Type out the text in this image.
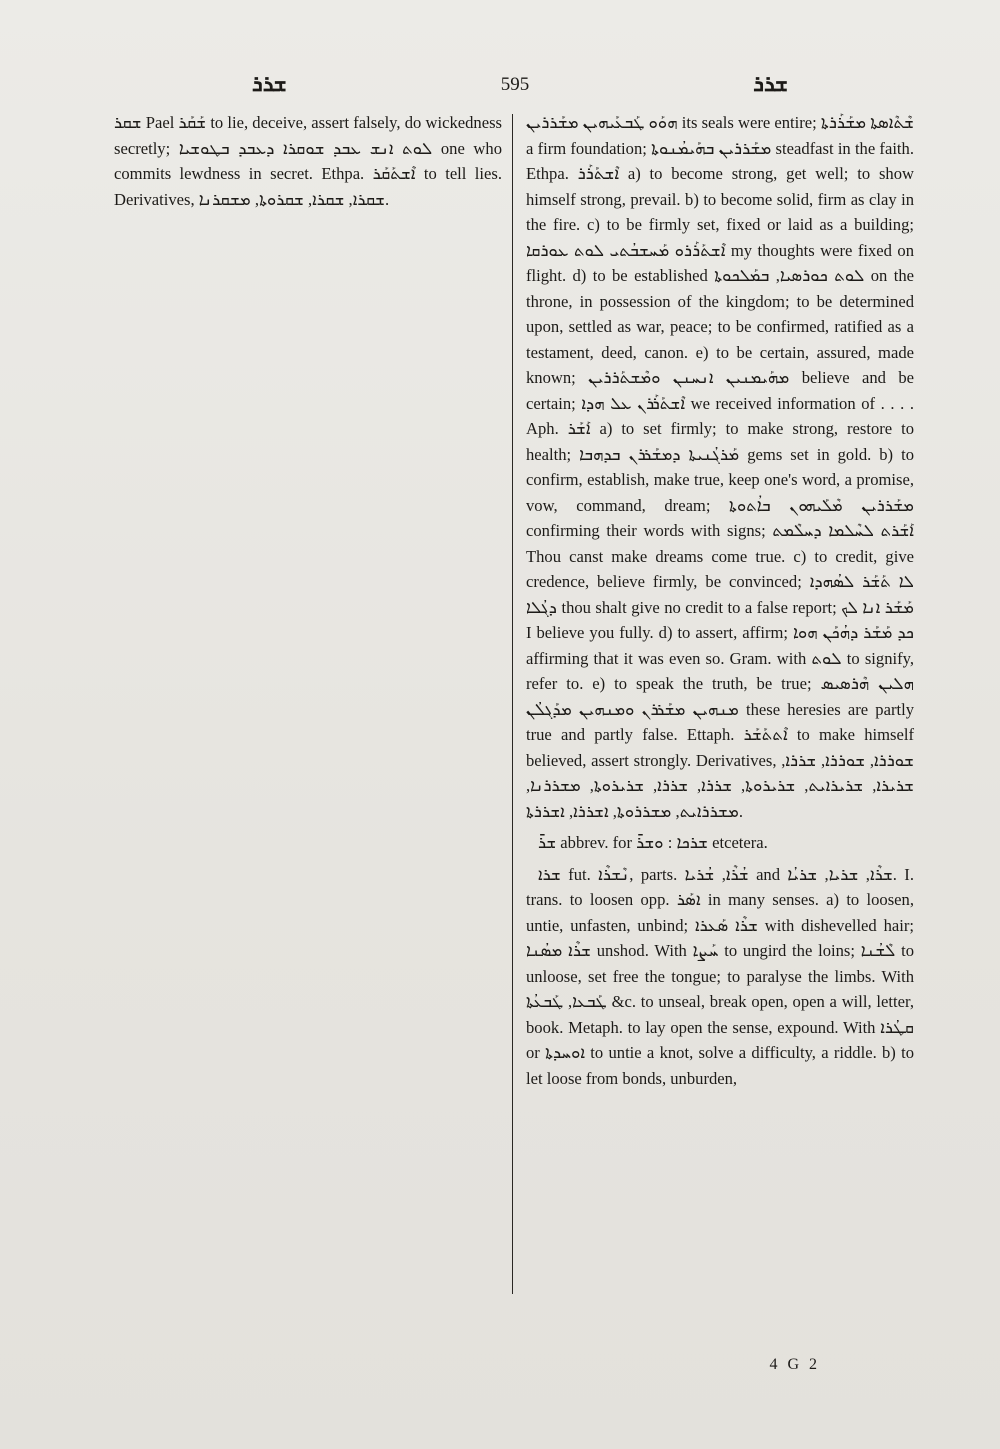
ܫܪܪ	595	ܫܪܪ

ܫܩܪ Pael ܫܰܩܰܪ to lie, deceive, assert falsely, do wickedness secretly; ܠܘܬ ܐܢܫ ܥܒܕ ܫܘܩܪܐ ܕܥܒܕ ܒܛܘܫܝܐ one who commits lewdness in secret. Ethpa. ܐܶܫܬܰܩܰܪ to tell lies. Derivatives, ܫܩܪܐ, ܫܩܪܐ, ܫܩܪܘܬܐ, ܡܫܩܪܢܐ.

ܗܘܰܘ ܛܰܒܥܰܝܗܝܢ ܡܫܰܪܪܝܢ its seals were entire; ܫܶܬܶܐܣܬܐ ܡܫܰܪܰܪܬܐ a firm foundation; ܡܫܰܪܪܝܢ ܒܗܰܝܡܳܢܘܬܐ steadfast in the faith. Ethpa. ܐܶܫܬܰܪܰܪ a) to become strong, get well; to show himself strong, prevail. b) to become solid, firm as clay in the fire. c) to be firmly set, fixed or laid as a building; ܐܶܫܬܰܪܰܪܘ ܡܰܚܫܒܳܬܝ ܠܘܬ ܥܘܪܩܐ my thoughts were fixed on flight. d) to be established ܠܘܬ ܟܘܪܣܝܐ, ܒܡܰܠܟܘܬܐ on the throne, in possession of the kingdom; to be determined upon, settled as war, peace; to be confirmed, ratified as a testament, deed, canon. e) to be certain, assured, made known; ܡܗܰܝܡܢܝܢ ܐܢܚܢܢ ܘܡܶܫܬܰܪܪܝܢ believe and be certain; ܐܶܫܬܰܪܰܪܢ ܥܠ ܗܕܐ we received information of . . . . Aph. ܐܰܫܰܪ a) to set firmly; to make strong, restore to health; ܡܰܪܓܳܢܝܬܐ ܕܡܫܰܪܪܢ ܒܕܗܒܐ gems set in gold. b) to confirm, establish, make true, keep one's word, a promise, vow, command, dream; ܡܫܰܪܪܝܢ ܡܶܠܰܝܗܘܢ ܒܐܳܬܘܬܐ confirming their words with signs; ܐܰܫܰܪܬ ܠܚܶܠܡܐ ܕܚܠܶܡܬ Thou canst make dreams come true. c) to credit, give credence, believe firmly, be convinced; ܠܐ ܬܰܫܰܪ ܠܣܳܗܕܐ ܕܓܳܠܐ thou shalt give no credit to a false report; ܡܰܫܰܪ ܐܢܐ ܠܟ I believe you fully. d) to assert, affirm; ܟܕ ܡܰܫܰܪ ܕܗܳܟܰܢ ܗܘܐ affirming that it was even so. Gram. with ܠܘܬ to signify, refer to. e) to speak the truth, be true; ܗܠܝܢ ܗܶܪܣܝܣ ܡܢܗܝܢ ܡܫܰܪܪܢ ܘܡܢܗܝܢ ܡܕܰܓܠܳܢ these heresies are partly true and partly false. Ettaph. ܐܶܬܬܰܫܰܪ to make himself believed, assert strongly. Derivatives, ܫܘܪܪܐ, ܫܘܪܪܐ, ܫܪܪܐ, ܫܪܝܪܐ, ܫܪܝܪܐܝܬ, ܫܪܝܪܘܬܐ, ܫܪܪܐ, ܫܪܪܐ, ܫܪܝܪܘܬܐ, ܡܫܪܪܢܐ, ܡܫܪܪܐܝܬ, ܡܫܪܪܘܬܐ, ܐܫܪܪܐ, ܐܫܪܪܬܐ.

ܫܪ̄ abbrev. for ܫܪܟܐ : ܘܫܪ̄ etcetera.

ܫܪܐ fut. ܢܶܫܪܶܐ, parts. ܫܳܪܶܐ, ܫܳܪܝܐ and ܫܪܶܐ, ܫܪܝܐ, ܫܪܝܳܐ. I. trans. to loosen opp. ܐܣܰܪ in many senses. a) to loosen, untie, unfasten, unbind; ܫܪܶܐ ܣܰܥܪܐ with dishevelled hair; ܫܪܶܐ ܡܣܳܢܐ unshod. With ܚܰܨܐ to ungird the loins; ܠܶܫܳܢܐ to unloose, set free the tongue; to paralyse the limbs. With ܛܰܒܥܐ, ܛܰܒܥܳܬܐ &c. to unseal, break open, open a will, letter, book. Metaph. to lay open the sense, expound. With ܩܛܳܪܐ or ܐܘܚܕܬܐ to untie a knot, solve a difficulty, a riddle. b) to let loose from bonds, unburden,

4 G 2
